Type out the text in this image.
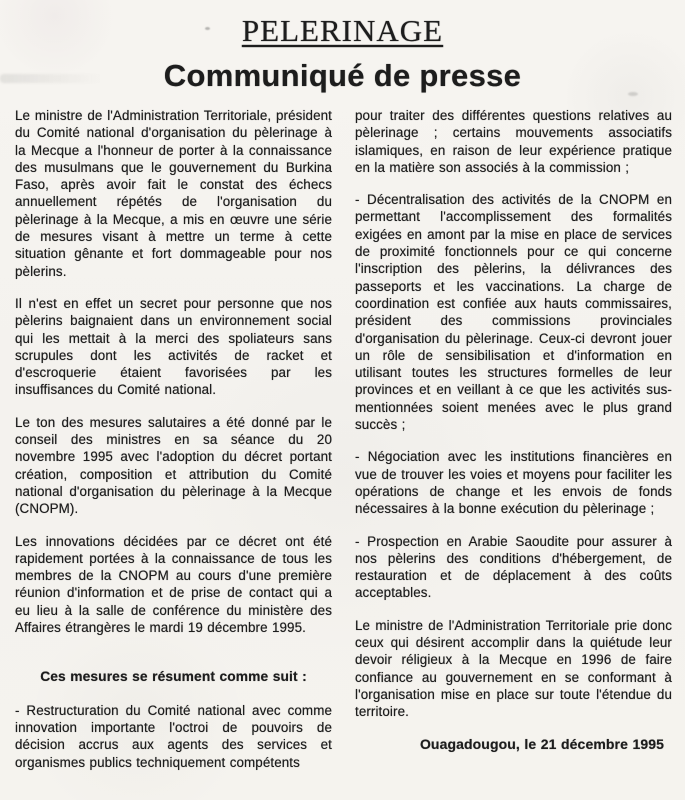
PELERINAGE
Communiqué de presse

Le ministre de l'Administration Territoriale, président du Comité national d'organisation du pèlerinage à la Mecque a l'honneur de porter à la connaissance des musulmans que le gouvernement du Burkina Faso, après avoir fait le constat des échecs annuellement répétés de l'organisation du pèlerinage à la Mecque, a mis en œuvre une série de mesures visant à mettre un terme à cette situation gênante et fort dommageable pour nos pèlerins.

Il n'est en effet un secret pour personne que nos pèlerins baignaient dans un environnement social qui les mettait à la merci des spoliateurs sans scrupules dont les activités de racket et d'escroquerie étaient favorisées par les insuffisances du Comité national.

Le ton des mesures salutaires a été donné par le conseil des ministres en sa séance du 20 novembre 1995 avec l'adoption du décret portant création, composition et attribution du Comité national d'organisation du pèlerinage à la Mecque (CNOPM).

Les innovations décidées par ce décret ont été rapidement portées à la connaissance de tous les membres de la CNOPM au cours d'une première réunion d'information et de prise de contact qui a eu lieu à la salle de conférence du ministère des Affaires étrangères le mardi 19 décembre 1995.

Ces mesures se résument comme suit :

- Restructuration du Comité national avec comme innovation importante l'octroi de pouvoirs de décision accrus aux agents des services et organismes publics techniquement compétents

pour traiter des différentes questions relatives au pèlerinage ; certains mouvements associatifs islamiques, en raison de leur expérience pratique en la matière son associés à la commission ;

- Décentralisation des activités de la CNOPM en permettant l'accomplissement des formalités exigées en amont par la mise en place de services de proximité fonctionnels pour ce qui concerne l'inscription des pèlerins, la délivrances des passeports et les vaccinations. La charge de coordination est confiée aux hauts commissaires, président des commissions provinciales d'organisation du pèlerinage. Ceux-ci devront jouer un rôle de sensibilisation et d'information en utilisant toutes les structures formelles de leur provinces et en veillant à ce que les activités sus-mentionnées soient menées avec le plus grand succès ;

- Négociation avec les institutions financières en vue de trouver les voies et moyens pour faciliter les opérations de change et les envois de fonds nécessaires à la bonne exécution du pèlerinage ;

- Prospection en Arabie Saoudite pour assurer à nos pèlerins des conditions d'hébergement, de restauration et de déplacement à des coûts acceptables.

Le ministre de l'Administration Territoriale prie donc ceux qui désirent accomplir dans la quiétude leur devoir réligieux à la Mecque en 1996 de faire confiance au gouvernement en se conformant à l'organisation mise en place sur toute l'étendue du territoire.

Ouagadougou, le 21 décembre 1995
